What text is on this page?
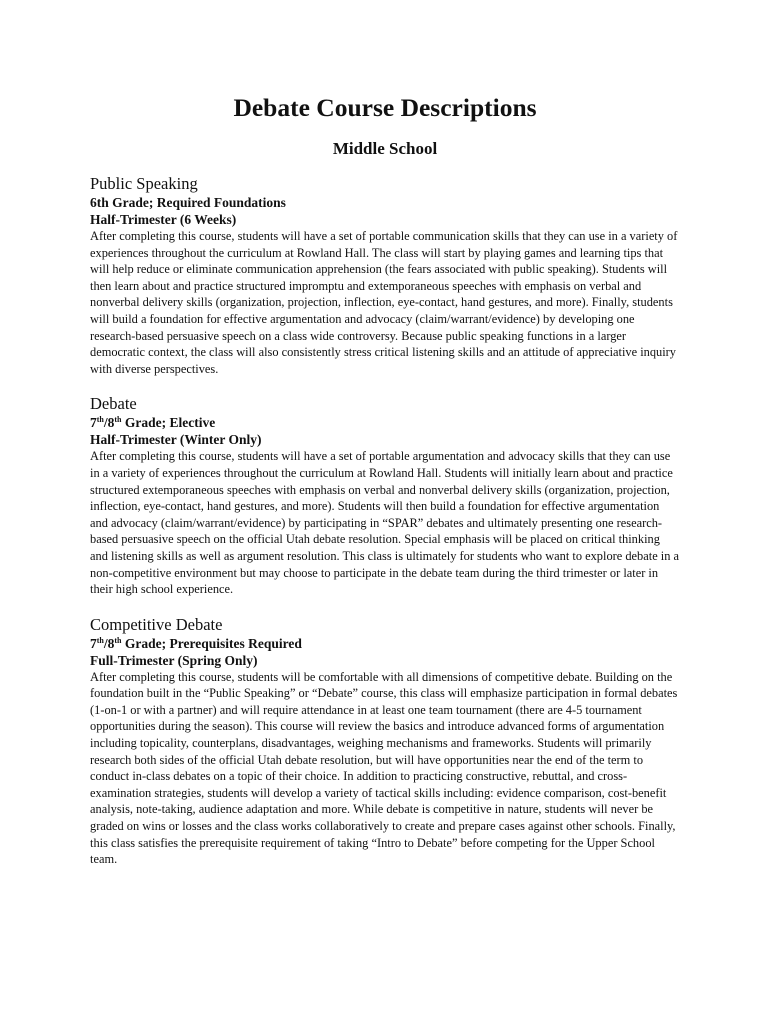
Debate Course Descriptions
Middle School

Public Speaking

6th Grade; Required Foundations

Half-Trimester (6 Weeks)

After completing this course, students will have a set of portable communication skills that they can use in a variety of experiences throughout the curriculum at Rowland Hall. The class will start by playing games and learning tips that will help reduce or eliminate communication apprehension (the fears associated with public speaking). Students will then learn about and practice structured impromptu and extemporaneous speeches with emphasis on verbal and nonverbal delivery skills (organization, projection, inflection, eye-contact, hand gestures, and more). Finally, students will build a foundation for effective argumentation and advocacy (claim/warrant/evidence) by developing one research-based persuasive speech on a class wide controversy. Because public speaking functions in a larger democratic context, the class will also consistently stress critical listening skills and an attitude of appreciative inquiry with diverse perspectives.

Debate

7th/8th Grade; Elective

Half-Trimester (Winter Only)

After completing this course, students will have a set of portable argumentation and advocacy skills that they can use in a variety of experiences throughout the curriculum at Rowland Hall. Students will initially learn about and practice structured extemporaneous speeches with emphasis on verbal and nonverbal delivery skills (organization, projection, inflection, eye-contact, hand gestures, and more). Students will then build a foundation for effective argumentation and advocacy (claim/warrant/evidence) by participating in “SPAR” debates and ultimately presenting one research-based persuasive speech on the official Utah debate resolution. Special emphasis will be placed on critical thinking and listening skills as well as argument resolution. This class is ultimately for students who want to explore debate in a non-competitive environment but may choose to participate in the debate team during the third trimester or later in their high school experience.

Competitive Debate

7th/8th Grade; Prerequisites Required

Full-Trimester (Spring Only)

After completing this course, students will be comfortable with all dimensions of competitive debate. Building on the foundation built in the “Public Speaking” or “Debate” course, this class will emphasize participation in formal debates (1-on-1 or with a partner) and will require attendance in at least one team tournament (there are 4-5 tournament opportunities during the season). This course will review the basics and introduce advanced forms of argumentation including topicality, counterplans, disadvantages, weighing mechanisms and frameworks. Students will primarily research both sides of the official Utah debate resolution, but will have opportunities near the end of the term to conduct in-class debates on a topic of their choice. In addition to practicing constructive, rebuttal, and cross-examination strategies, students will develop a variety of tactical skills including: evidence comparison, cost-benefit analysis, note-taking, audience adaptation and more. While debate is competitive in nature, students will never be graded on wins or losses and the class works collaboratively to create and prepare cases against other schools. Finally, this class satisfies the prerequisite requirement of taking “Intro to Debate” before competing for the Upper School team.
